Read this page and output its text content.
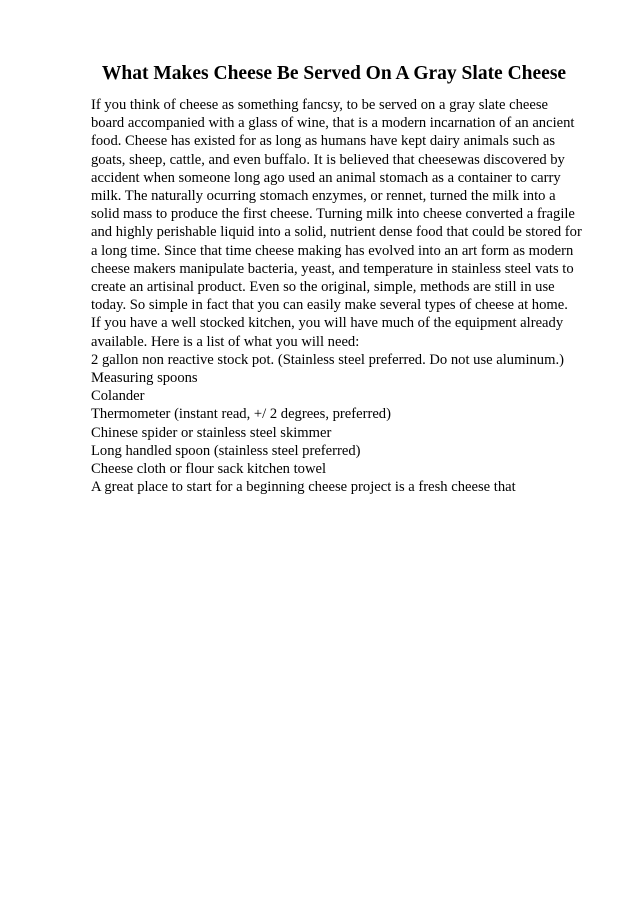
What Makes Cheese Be Served On A Gray Slate Cheese
If you think of cheese as something fancsy, to be served on a gray slate cheese
board accompanied with a glass of wine, that is a modern incarnation of an ancient
food. Cheese has existed for as long as humans have kept dairy animals such as
goats, sheep, cattle, and even buffalo. It is believed that cheesewas discovered by
accident when someone long ago used an animal stomach as a container to carry
milk. The naturally ocurring stomach enzymes, or rennet, turned the milk into a
solid mass to produce the first cheese. Turning milk into cheese converted a fragile
and highly perishable liquid into a solid, nutrient dense food that could be stored for
a long time. Since that time cheese making has evolved into an art form as modern
cheese makers manipulate bacteria, yeast, and temperature in stainless steel vats to
create an artisinal product. Even so the original, simple, methods are still in use
today. So simple in fact that you can easily make several types of cheese at home.
If you have a well stocked kitchen, you will have much of the equipment already
available. Here is a list of what you will need:
2 gallon non reactive stock pot. (Stainless steel preferred. Do not use aluminum.)
Measuring spoons
Colander
Thermometer (instant read, +/ 2 degrees, preferred)
Chinese spider or stainless steel skimmer
Long handled spoon (stainless steel preferred)
Cheese cloth or flour sack kitchen towel
A great place to start for a beginning cheese project is a fresh cheese that
